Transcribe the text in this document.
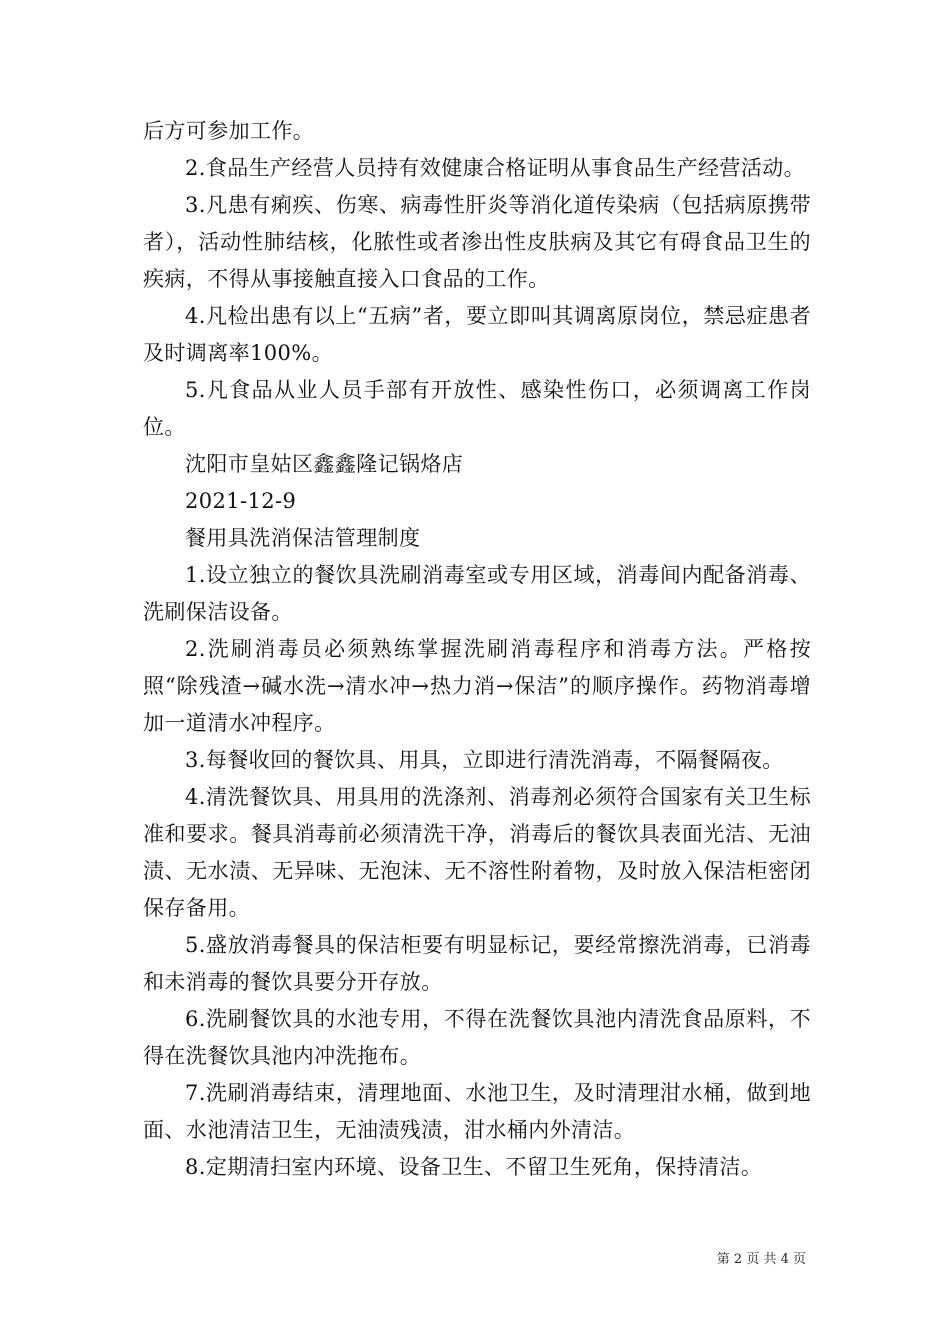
后方可参加工作。

2.食品生产经营人员持有效健康合格证明从事食品生产经营活动。

3.凡患有痢疾、伤寒、病毒性肝炎等消化道传染病（包括病原携带者），活动性肺结核，化脓性或者渗出性皮肤病及其它有碍食品卫生的疾病，不得从事接触直接入口食品的工作。

4.凡检出患有以上“五病”者，要立即叫其调离原岗位，禁忌症患者及时调离率100%。

5.凡食品从业人员手部有开放性、感染性伤口，必须调离工作岗位。

沈阳市皇姑区鑫鑫隆记锅烙店

2021-12-9

餐用具洗消保洁管理制度

1.设立独立的餐饮具洗刷消毒室或专用区域，消毒间内配备消毒、洗刷保洁设备。

2.洗刷消毒员必须熟练掌握洗刷消毒程序和消毒方法。严格按照“除残渣→碱水洗→清水冲→热力消→保洁”的顺序操作。药物消毒增加一道清水冲程序。

3.每餐收回的餐饮具、用具，立即进行清洗消毒，不隔餐隔夜。

4.清洗餐饮具、用具用的洗涤剂、消毒剂必须符合国家有关卫生标准和要求。餐具消毒前必须清洗干净，消毒后的餐饮具表面光洁、无油渍、无水渍、无异味、无泡沫、无不溶性附着物，及时放入保洁柜密闭保存备用。

5.盛放消毒餐具的保洁柜要有明显标记，要经常擦洗消毒，已消毒和未消毒的餐饮具要分开存放。

6.洗刷餐饮具的水池专用，不得在洗餐饮具池内清洗食品原料，不得在洗餐饮具池内冲洗拖布。

7.洗刷消毒结束，清理地面、水池卫生，及时清理泔水桶，做到地面、水池清洁卫生，无油渍残渍，泔水桶内外清洁。

8.定期清扫室内环境、设备卫生、不留卫生死角，保持清洁。

第 2 页 共 4 页
